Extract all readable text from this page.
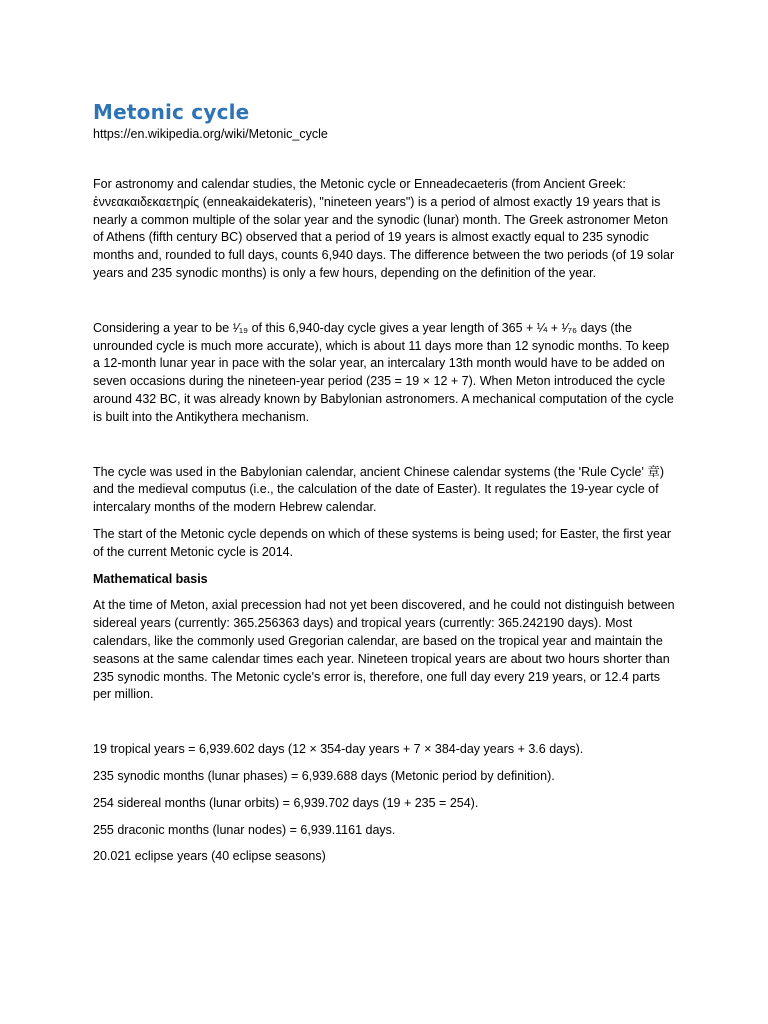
Metonic cycle

https://en.wikipedia.org/wiki/Metonic_cycle

For astronomy and calendar studies, the Metonic cycle or Enneadecaeteris (from Ancient Greek: ἐννεακαιδεκαετηρίς (enneakaidekateris), "nineteen years") is a period of almost exactly 19 years that is nearly a common multiple of the solar year and the synodic (lunar) month. The Greek astronomer Meton of Athens (fifth century BC) observed that a period of 19 years is almost exactly equal to 235 synodic months and, rounded to full days, counts 6,940 days. The difference between the two periods (of 19 solar years and 235 synodic months) is only a few hours, depending on the definition of the year.

Considering a year to be ¹⁄₁₉ of this 6,940-day cycle gives a year length of 365 + ¼ + ¹⁄₇₆ days (the unrounded cycle is much more accurate), which is about 11 days more than 12 synodic months. To keep a 12-month lunar year in pace with the solar year, an intercalary 13th month would have to be added on seven occasions during the nineteen-year period (235 = 19 × 12 + 7). When Meton introduced the cycle around 432 BC, it was already known by Babylonian astronomers. A mechanical computation of the cycle is built into the Antikythera mechanism.

The cycle was used in the Babylonian calendar, ancient Chinese calendar systems (the 'Rule Cycle' 章) and the medieval computus (i.e., the calculation of the date of Easter). It regulates the 19-year cycle of intercalary months of the modern Hebrew calendar.

The start of the Metonic cycle depends on which of these systems is being used; for Easter, the first year of the current Metonic cycle is 2014.

Mathematical basis

At the time of Meton, axial precession had not yet been discovered, and he could not distinguish between sidereal years (currently: 365.256363 days) and tropical years (currently: 365.242190 days). Most calendars, like the commonly used Gregorian calendar, are based on the tropical year and maintain the seasons at the same calendar times each year. Nineteen tropical years are about two hours shorter than 235 synodic months. The Metonic cycle's error is, therefore, one full day every 219 years, or 12.4 parts per million.

19 tropical years = 6,939.602 days (12 × 354-day years + 7 × 384-day years + 3.6 days).

235 synodic months (lunar phases) = 6,939.688 days (Metonic period by definition).

254 sidereal months (lunar orbits) = 6,939.702 days (19 + 235 = 254).

255 draconic months (lunar nodes) = 6,939.1161 days.

20.021 eclipse years (40 eclipse seasons)
